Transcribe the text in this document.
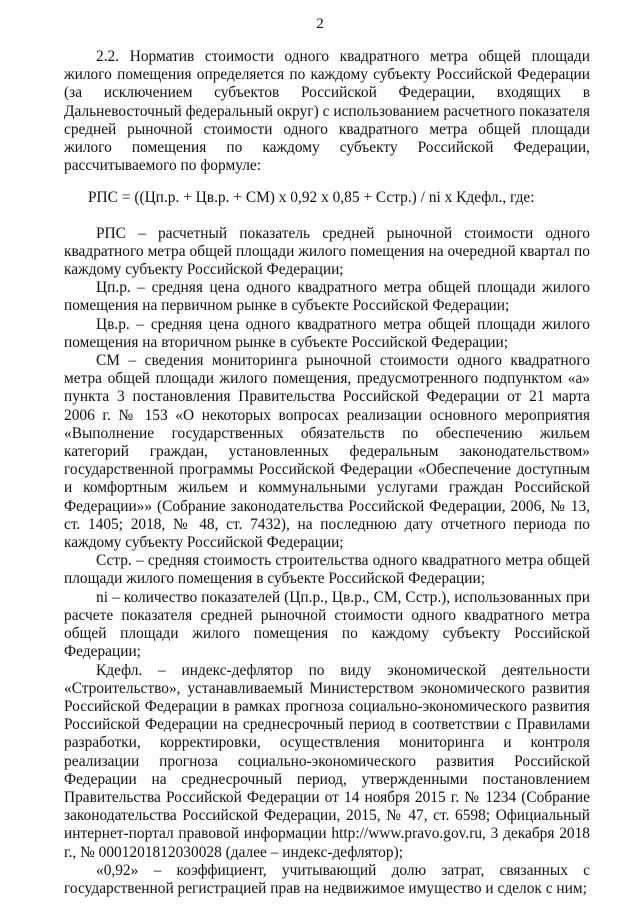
2

2.2. Норматив стоимости одного квадратного метра общей площади жилого помещения определяется по каждому субъекту Российской Федерации (за исключением субъектов Российской Федерации, входящих в Дальневосточный федеральный округ) с использованием расчетного показателя средней рыночной стоимости одного квадратного метра общей площади жилого помещения по каждому субъекту Российской Федерации, рассчитываемого по формуле:

РПС = ((Цп.р. + Цв.р. + СМ) x 0,92 x 0,85 + Сстр.) / ni x Кдефл., где:

РПС – расчетный показатель средней рыночной стоимости одного квадратного метра общей площади жилого помещения на очередной квартал по каждому субъекту Российской Федерации;

Цп.р. – средняя цена одного квадратного метра общей площади жилого помещения на первичном рынке в субъекте Российской Федерации;

Цв.р. – средняя цена одного квадратного метра общей площади жилого помещения на вторичном рынке в субъекте Российской Федерации;

СМ – сведения мониторинга рыночной стоимости одного квадратного метра общей площади жилого помещения, предусмотренного подпунктом «а» пункта 3 постановления Правительства Российской Федерации от 21 марта 2006 г. № 153 «О некоторых вопросах реализации основного мероприятия «Выполнение государственных обязательств по обеспечению жильем категорий граждан, установленных федеральным законодательством» государственной программы Российской Федерации «Обеспечение доступным и комфортным жильем и коммунальными услугами граждан Российской Федерации»» (Собрание законодательства Российской Федерации, 2006, № 13, ст. 1405; 2018, № 48, ст. 7432), на последнюю дату отчетного периода по каждому субъекту Российской Федерации;

Сстр. – средняя стоимость строительства одного квадратного метра общей площади жилого помещения в субъекте Российской Федерации;

ni – количество показателей (Цп.р., Цв.р., СМ, Сстр.), использованных при расчете показателя средней рыночной стоимости одного квадратного метра общей площади жилого помещения по каждому субъекту Российской Федерации;

Кдефл. – индекс-дефлятор по виду экономической деятельности «Строительство», устанавливаемый Министерством экономического развития Российской Федерации в рамках прогноза социально-экономического развития Российской Федерации на среднесрочный период в соответствии с Правилами разработки, корректировки, осуществления мониторинга и контроля реализации прогноза социально-экономического развития Российской Федерации на среднесрочный период, утвержденными постановлением Правительства Российской Федерации от 14 ноября 2015 г. № 1234 (Собрание законодательства Российской Федерации, 2015, № 47, ст. 6598; Официальный интернет-портал правовой информации http://www.pravo.gov.ru, 3 декабря 2018 г., № 0001201812030028 (далее – индекс-дефлятор);

«0,92» – коэффициент, учитывающий долю затрат, связанных с государственной регистрацией прав на недвижимое имущество и сделок с ним;
